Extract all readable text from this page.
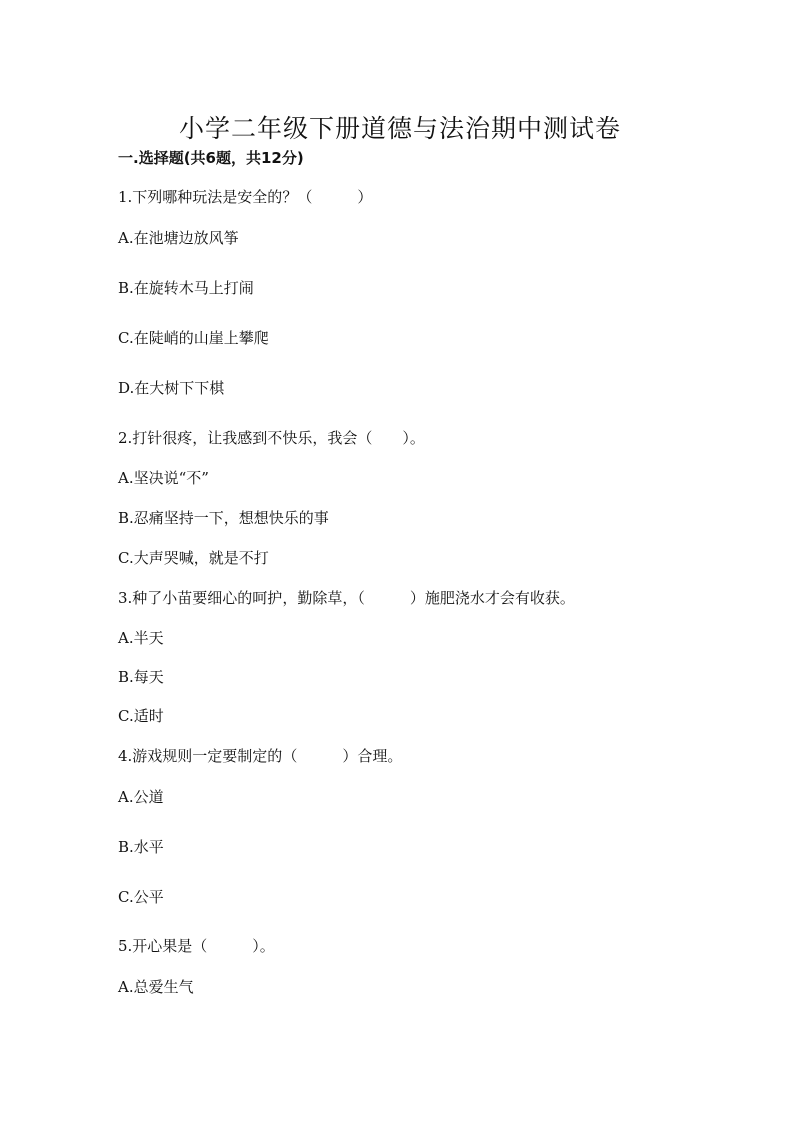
小学二年级下册道德与法治期中测试卷
一.选择题(共6题，共12分)
1.下列哪种玩法是安全的？（　　　）
A.在池塘边放风筝
B.在旋转木马上打闹
C.在陡峭的山崖上攀爬
D.在大树下下棋
2.打针很疼，让我感到不快乐，我会（　　）。
A.坚决说“不”
B.忍痛坚持一下，想想快乐的事
C.大声哭喊，就是不打
3.种了小苗要细心的呵护，勤除草，（　　　）施肥浇水才会有收获。
A.半天
B.每天
C.适时
4.游戏规则一定要制定的（　　　）合理。
A.公道
B.水平
C.公平
5.开心果是（　　　）。
A.总爱生气
